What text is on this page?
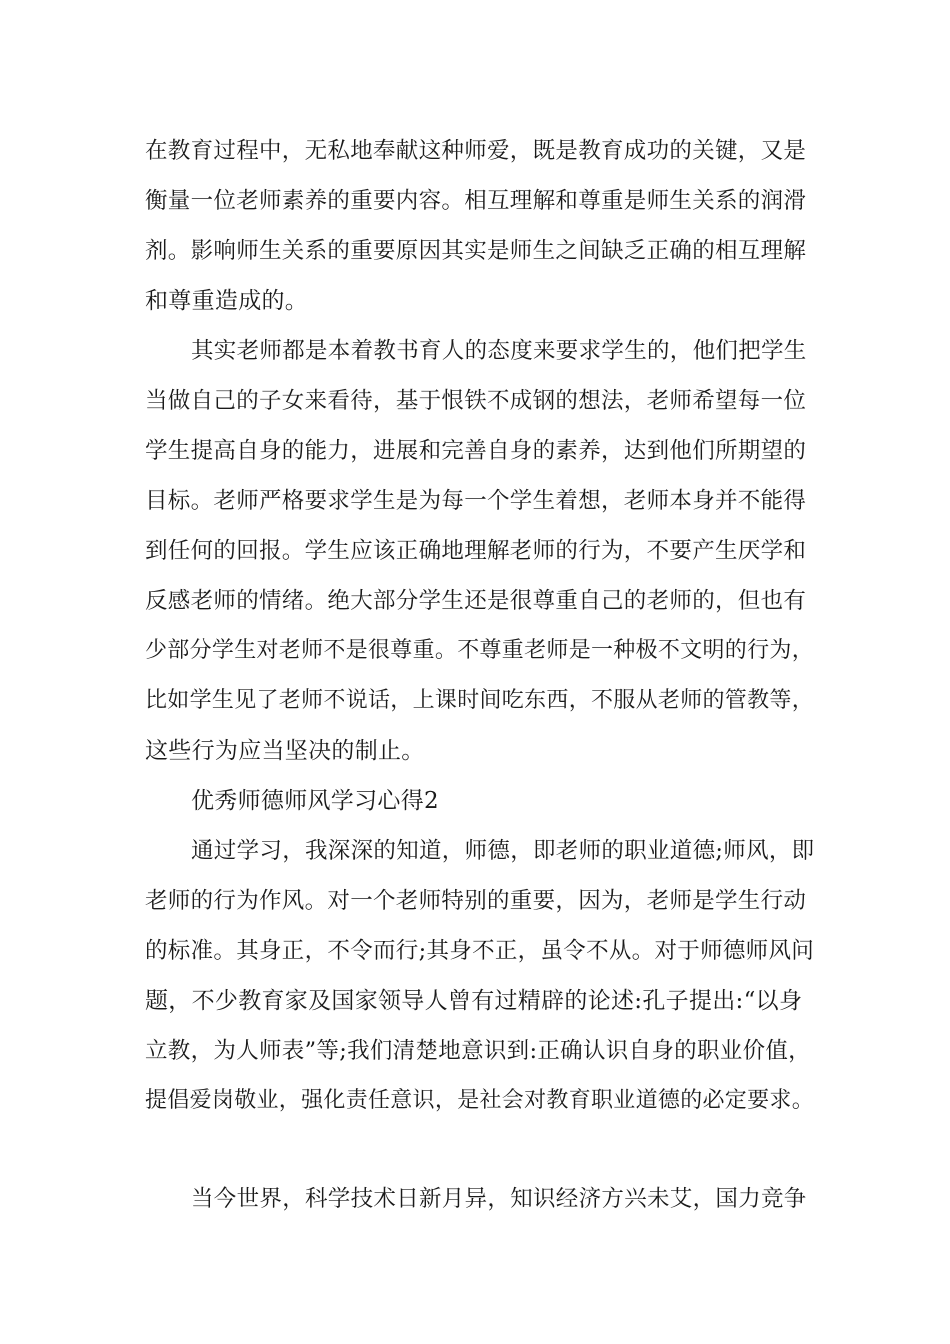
在教育过程中，无私地奉献这种师爱，既是教育成功的关键，又是
衡量一位老师素养的重要内容。相互理解和尊重是师生关系的润滑
剂。影响师生关系的重要原因其实是师生之间缺乏正确的相互理解
和尊重造成的。
其实老师都是本着教书育人的态度来要求学生的，他们把学生
当做自己的子女来看待，基于恨铁不成钢的想法，老师希望每一位
学生提高自身的能力，进展和完善自身的素养，达到他们所期望的
目标。老师严格要求学生是为每一个学生着想，老师本身并不能得
到任何的回报。学生应该正确地理解老师的行为，不要产生厌学和
反感老师的情绪。绝大部分学生还是很尊重自己的老师的，但也有
少部分学生对老师不是很尊重。不尊重老师是一种极不文明的行为，
比如学生见了老师不说话，上课时间吃东西，不服从老师的管教等，
这些行为应当坚决的制止。
优秀师德师风学习心得2
通过学习，我深深的知道，师德，即老师的职业道德;师风，即
老师的行为作风。对一个老师特别的重要，因为，老师是学生行动
的标准。其身正，不令而行;其身不正，虽令不从。对于师德师风问
题，不少教育家及国家领导人曾有过精辟的论述:孔子提出:“以身
立教，为人师表”等;我们清楚地意识到:正确认识自身的职业价值，
提倡爱岗敬业，强化责任意识，是社会对教育职业道德的必定要求。
当今世界，科学技术日新月异，知识经济方兴未艾，国力竞争
